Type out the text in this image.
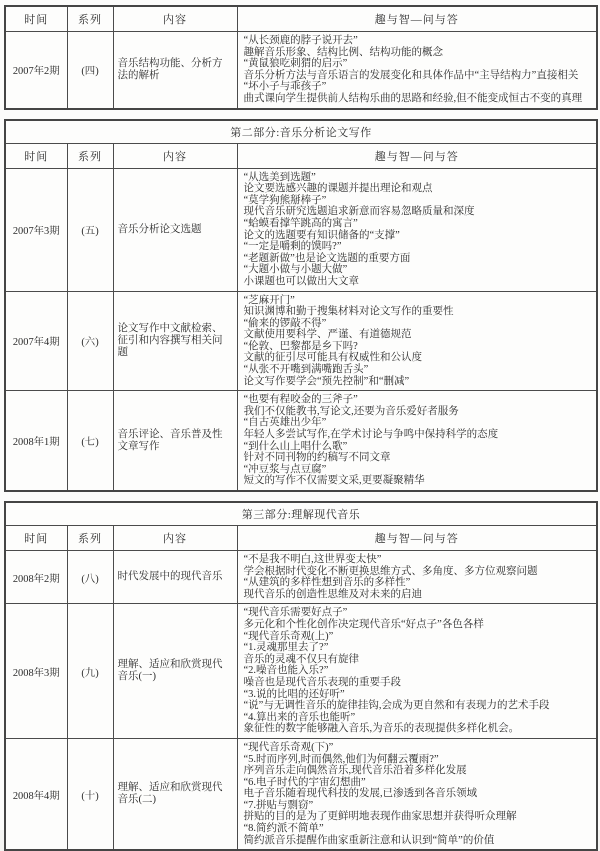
时间	系列	内容	趣与智—问与答
2007年2期	(四)	音乐结构功能、分析方法的解析	
“从长颈鹿的脖子说开去”
趣解音乐形象、结构比例、结构功能的概念
“黄鼠狼吃刺猬的启示”
音乐分析方法与音乐语言的发展变化和具体作品中“主导结构力”直接相关
“坏小子与乖孩子”
曲式课向学生提供前人结构乐曲的思路和经验,但不能变成恒古不变的真理
第二部分:音乐分析论文写作			
时间	系列	内容	趣与智—问与答
2007年3期	(五)	音乐分析论文选题	
“从选美到选题”
论文要选感兴趣的课题并提出理论和观点
“莫学狗熊掰棒子”
现代音乐研究选题追求新意而容易忽略质量和深度
“蛤蟆看撑竿跳高的寓言”
论文的选题要有知识储备的“支撑”
“一定是嚼剩的馍吗?”
“老题新做”也是论文选题的重要方面
“大题小做与小题大做”
小课题也可以做出大文章

2007年4期	(六)	论文写作中文献检索、征引和内容撰写相关问题	
“芝麻开门”
知识渊博和勤于搜集材料对论文写作的重要性
“偷来的锣敲不得”
文献使用要科学、严谨、有道德规范
“伦敦、巴黎都是乡下吗?
文献的征引尽可能具有权威性和公认度
“从张不开嘴到满嘴跑舌头”
论文写作要学会“预先控制”和“删减”

2008年1期	(七)	音乐评论、音乐普及性文章写作	
“也要有程咬金的三斧子”
我们不仅能教书,写论文,还要为音乐爱好者服务
“自古英雄出少年”
年轻人多尝试写作,在学术讨论与争鸣中保持科学的态度
“到什么山上唱什么歌”
针对不同刊物的约稿写不同文章
“冲豆浆与点豆腐”
短文的写作不仅需要文采,更要凝聚精华
第三部分:理解现代音乐			
时间	系列	内容	趣与智—问与答
2008年2期	(八)	时代发展中的现代音乐	“不是我不明白,这世界变太快”
学会根据时代变化不断更换思维方式、多角度、多方位观察问题
“从建筑的多样性想到音乐的多样性”
现代音乐的创造性思维及对未来的启迪

2008年3期	(九)	理解、适应和欣赏现代音乐(一)	
“现代音乐需要好点子”
多元化和个性化创作决定现代音乐“好点子”各色各样
“现代音乐奇观(上)”
“1.灵魂那里去了?”
音乐的灵魂不仅只有旋律
“2.噪音也能入乐?”
噪音也是现代音乐表现的重要手段
“3.说的比唱的还好听”
“说”与无调性音乐的旋律挂钩,会成为更自然和有表现力的艺术手段
“4.算出来的音乐也能听”
象征性的数字能够融入音乐,为音乐的表现提供多样化机会。

2008年4期	(十)	理解、适应和欣赏现代音乐(二)	
“现代音乐奇观(下)”
“5.时而序列,时而偶然,他们为何翻云覆雨?”
序列音乐走向偶然音乐,现代音乐沿着多样化发展
“6.电子时代的宇宙幻想曲”
电子音乐随着现代科技的发展,已渗透到各音乐领域
“7.拼贴与剽窃”
拼贴的目的是为了更鲜明地表现作曲家思想并获得听众理解
“8.简约派不简单”
简约派音乐提醒作曲家重新注意和认识到“简单”的价值
